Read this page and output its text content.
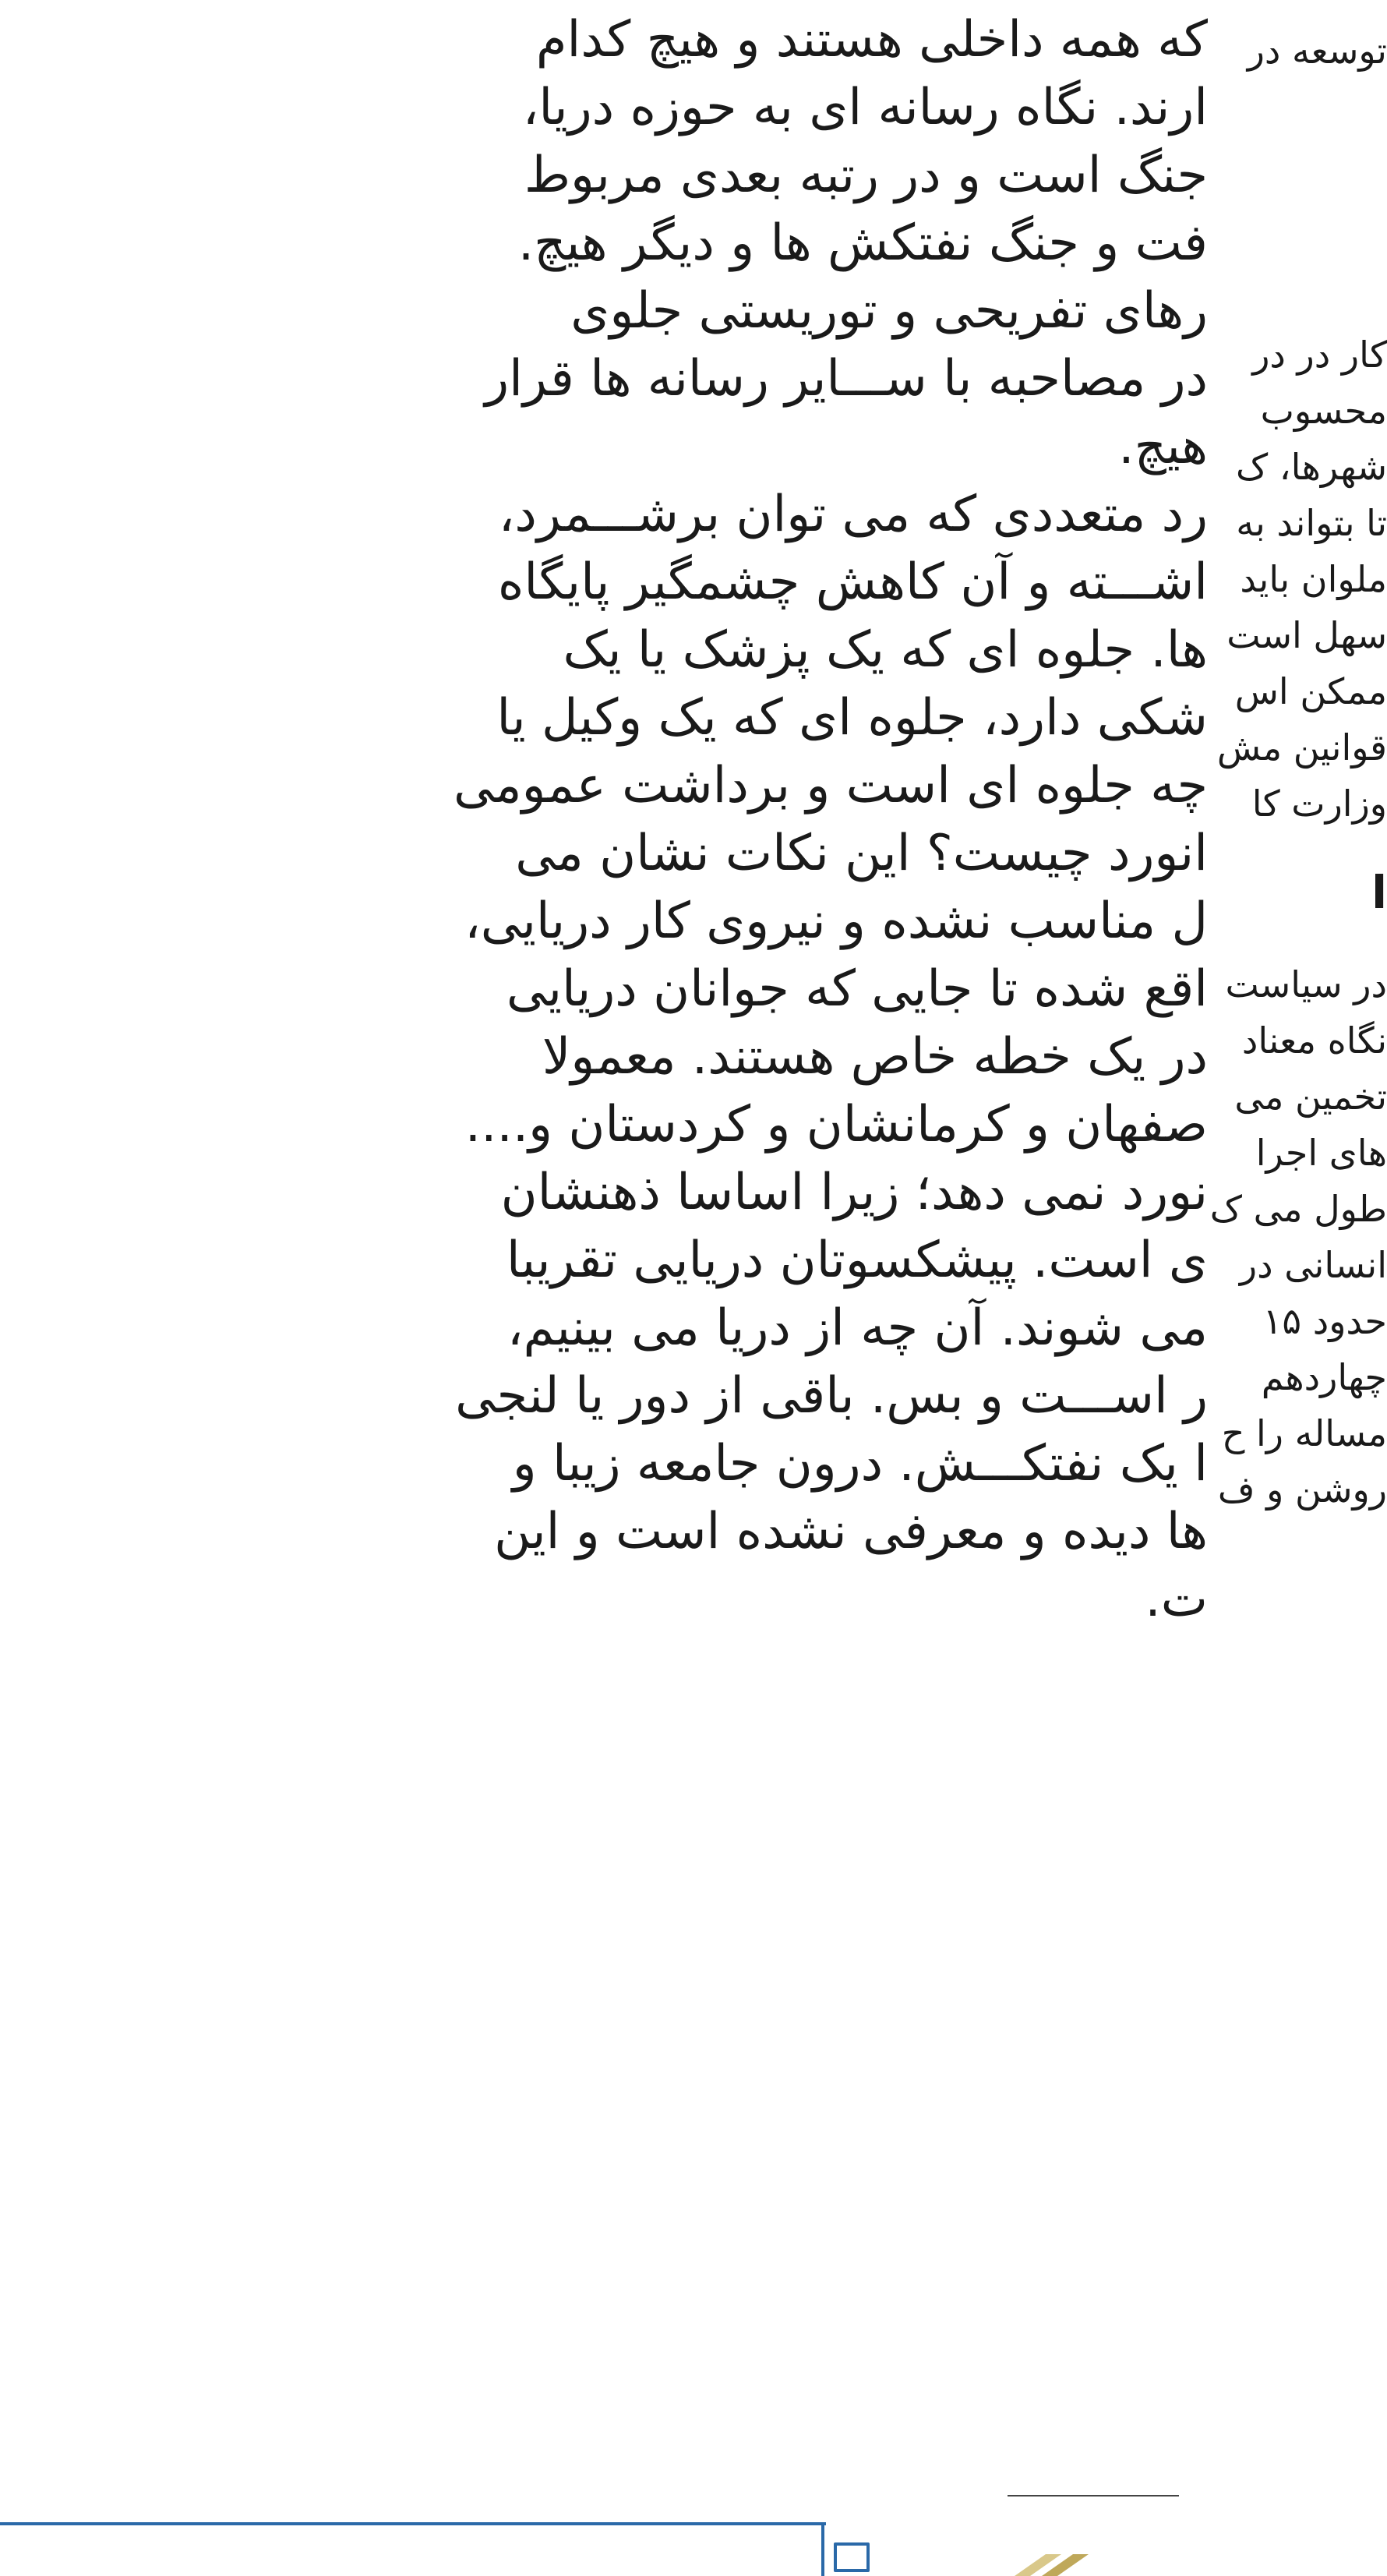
که همه داخلی هستند و هیچ کدام
ارند. نگاه رسانه ای به حوزه دریا،
جنگ است و در رتبه بعدی مربوط
فت و جنگ نفتکش ها و دیگر هیچ.
رهای تفریحی و توریستی جلوی
در مصاحبه با ســـایر رسانه ها قرار
هیچ.
رد متعددی که می توان برشـــمرد،
اشـــته و آن کاهش چشمگیر پایگاه
ها. جلوه ای که یک پزشک یا یک
شکی دارد، جلوه ای که یک وکیل یا
چه جلوه ای است و برداشت عمومی
انورد چیست؟ این نکات نشان می
ل مناسب نشده و نیروی کار دریایی،
اقع شده تا جایی که جوانان دریایی
در یک خطه خاص هستند. معمولا
صفهان و کرمانشان و کردستان و....
نورد نمی دهد؛ زیرا اساسا ذهنشان
ی است. پیشکسوتان دریایی تقریبا
می شوند. آن چه از دریا می بینیم،
ر اســـت و بس. باقی از دور یا لنجی
ا یک نفتکـــش. درون جامعه زیبا و
ها دیده و معرفی نشده است و این
ت.
توسعه در
کار در در
محسوب
شهرها، ک
تا بتواند به
ملوان باید
سهل است
ممکن اس
قوانین مش
وزارت کا
ا
در سیاست
نگاه معناد
تخمین می
های اجرا
طول می ک
انسانی در
حدود ۱۵
چهاردهم
مساله را ح
روشن و ف
